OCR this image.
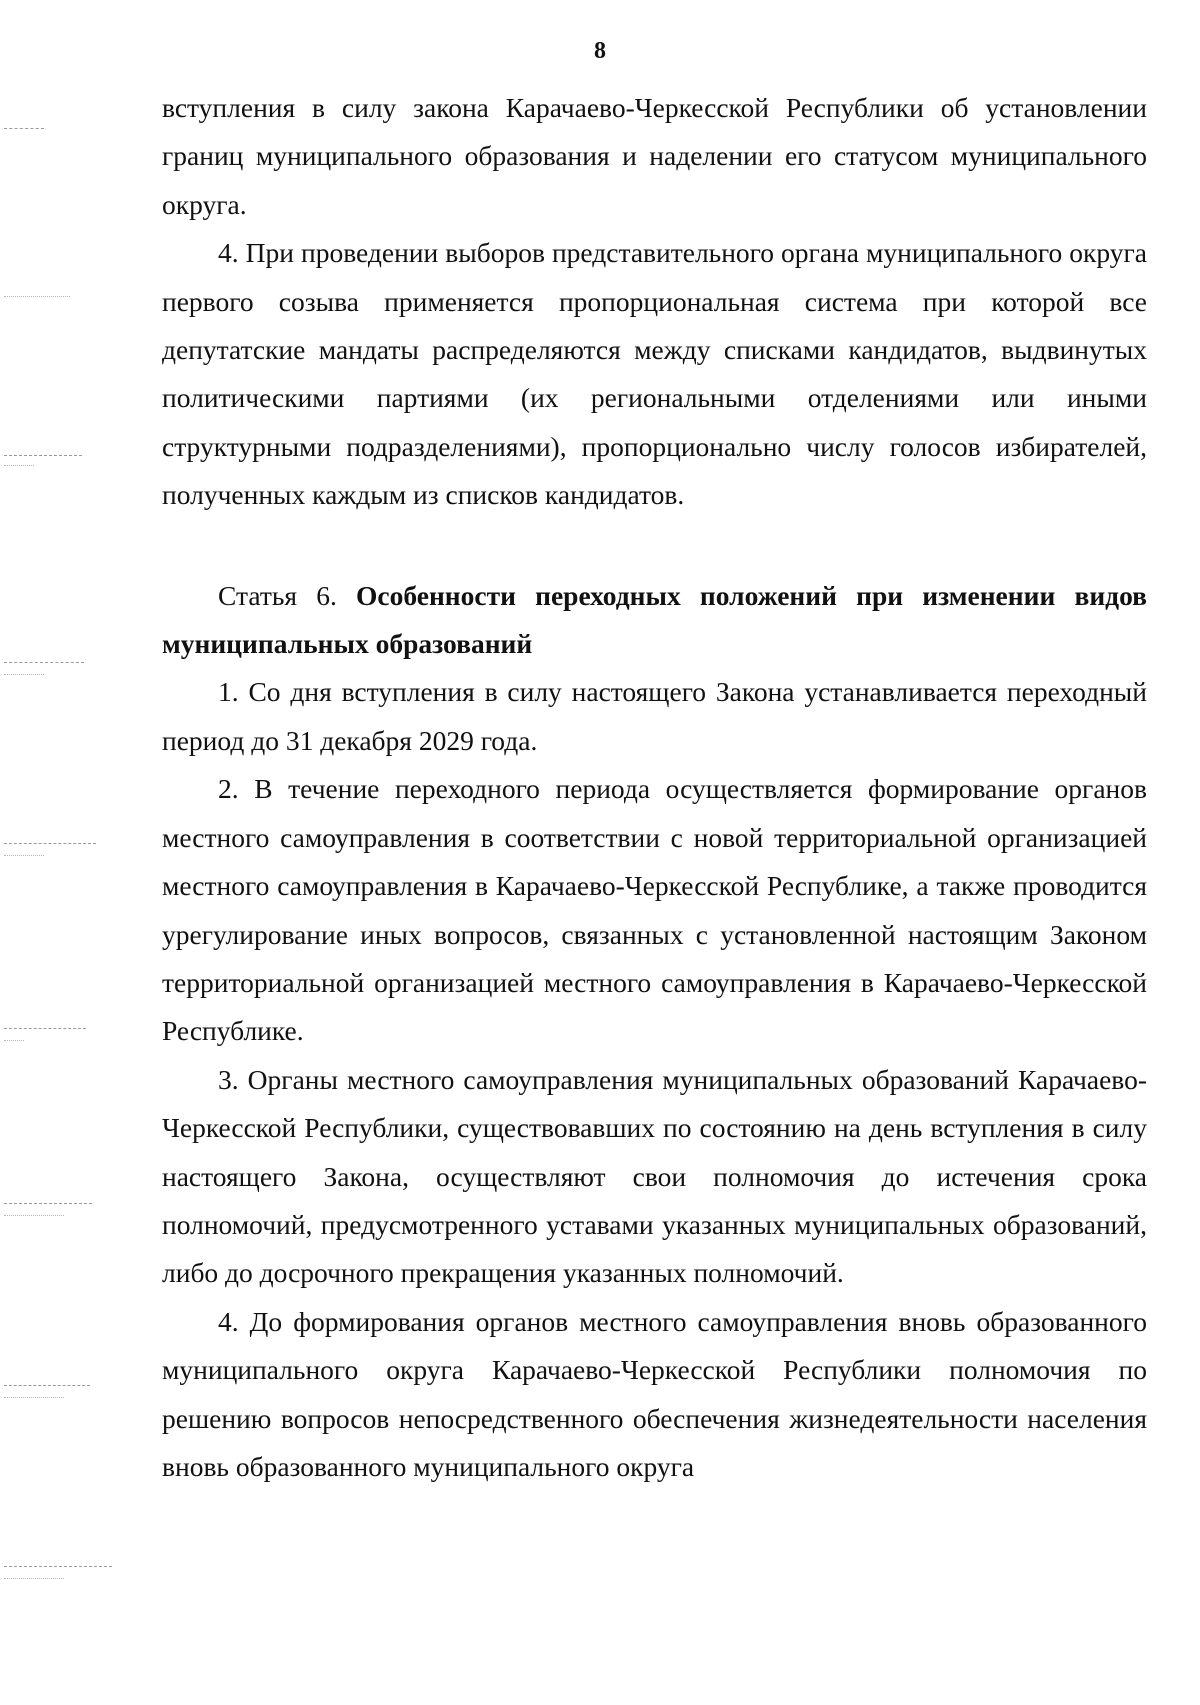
8

вступления в силу закона Карачаево-Черкесской Республики об установлении границ муниципального образования и наделении его статусом муниципального округа.

4. При проведении выборов представительного органа муниципального округа первого созыва применяется пропорциональная система при которой все депутатские мандаты распределяются между списками кандидатов, выдвинутых политическими партиями (их региональными отделениями или иными структурными подразделениями), пропорционально числу голосов избирателей, полученных каждым из списков кандидатов.

Статья 6. Особенности переходных положений при изменении видов муниципальных образований

1. Со дня вступления в силу настоящего Закона устанавливается переходный период до 31 декабря 2029 года.

2. В течение переходного периода осуществляется формирование органов местного самоуправления в соответствии с новой территориальной организацией местного самоуправления в Карачаево-Черкесской Республике, а также проводится урегулирование иных вопросов, связанных с установленной настоящим Законом территориальной организацией местного самоуправления в Карачаево-Черкесской Республике.

3. Органы местного самоуправления муниципальных образований Карачаево-Черкесской Республики, существовавших по состоянию на день вступления в силу настоящего Закона, осуществляют свои полномочия до истечения срока полномочий, предусмотренного уставами указанных муниципальных образований, либо до досрочного прекращения указанных полномочий.

4. До формирования органов местного самоуправления вновь образованного муниципального округа Карачаево-Черкесской Республики полномочия по решению вопросов непосредственного обеспечения жизнедеятельности населения вновь образованного муниципального округа
